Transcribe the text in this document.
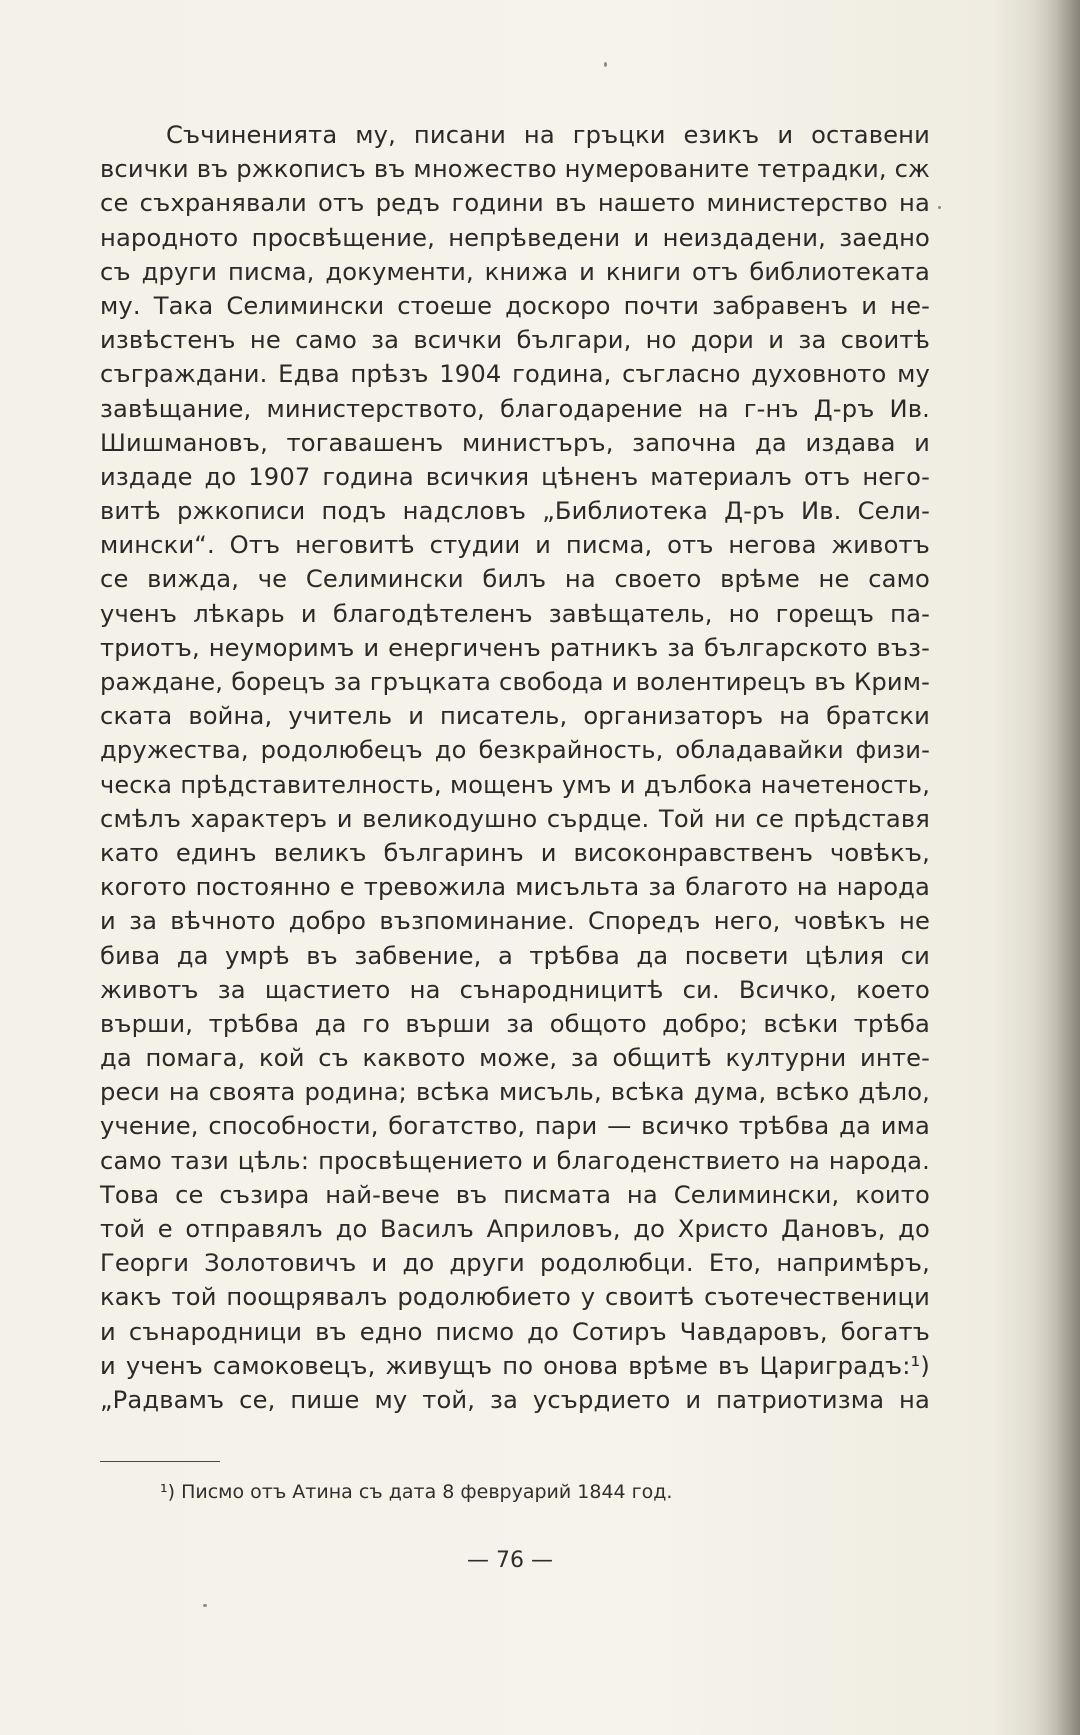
Съчиненията му, писани на гръцки езикъ и оставени
всички въ ржкописъ въ множество нумерованите тетрадки, сж
се съхранявали отъ редъ години въ нашето министерство на
народното просвѣщение, непрѣведени и неиздадени, заедно
съ други писма, документи, книжа и книги отъ библиотеката
му. Така Селимински стоеше доскоро почти забравенъ и не-
извѣстенъ не само за всички българи, но дори и за своитѣ
съграждани. Едва прѣзъ 1904 година, съгласно духовното му
завѣщание, министерството, благодарение на г-нъ Д-ръ Ив.
Шишмановъ, тогавашенъ министъръ, започна да издава и
издаде до 1907 година всичкия цѣненъ материалъ отъ него-
витѣ ржкописи подъ надсловъ „Библиотека Д-ръ Ив. Сели-
мински“. Отъ неговитѣ студии и писма, отъ негова животъ
се вижда, че Селимински билъ на своето врѣме не само
ученъ лѣкарь и благодѣтеленъ завѣщатель, но горещъ па-
триотъ, неуморимъ и енергиченъ ратникъ за българското въз-
раждане, борецъ за гръцката свобода и волентирецъ въ Крим-
ската война, учитель и писатель, организаторъ на братски
дружества, родолюбецъ до безкрайность, обладавайки физи-
ческа прѣдставителность, мощенъ умъ и дълбока начетеность,
смѣлъ характеръ и великодушно сърдце. Той ни се прѣдставя
като единъ великъ българинъ и високонравственъ човѣкъ,
когото постоянно е тревожила мисъльта за благото на народа
и за вѣчното добро възпоминание. Споредъ него, човѣкъ не
бива да умрѣ въ забвение, а трѣбва да посвети цѣлия си
животъ за щастието на сънародницитѣ си. Всичко, което
върши, трѣбва да го върши за общото добро; всѣки трѣба
да помага, кой съ каквото може, за общитѣ културни инте-
реси на своята родина; всѣка мисъль, всѣка дума, всѣко дѣло,
учение, способности, богатство, пари — всичко трѣбва да има
само тази цѣль: просвѣщението и благоденствието на народа.
Това се съзира най-вече въ писмата на Селимински, които
той е отправялъ до Василъ Априловъ, до Христо Дановъ, до
Георги Золотовичъ и до други родолюбци. Ето, напримѣръ,
какъ той поощрявалъ родолюбието у своитѣ съотечественици
и сънародници въ едно писмо до Сотиръ Чавдаровъ, богатъ
и ученъ самоковецъ, живущъ по онова врѣме въ Цариградъ:¹)
„Радвамъ се, пише му той, за усърдието и патриотизма на
¹) Писмо отъ Атина съ дата 8 февруарий 1844 год.
— 76 —
